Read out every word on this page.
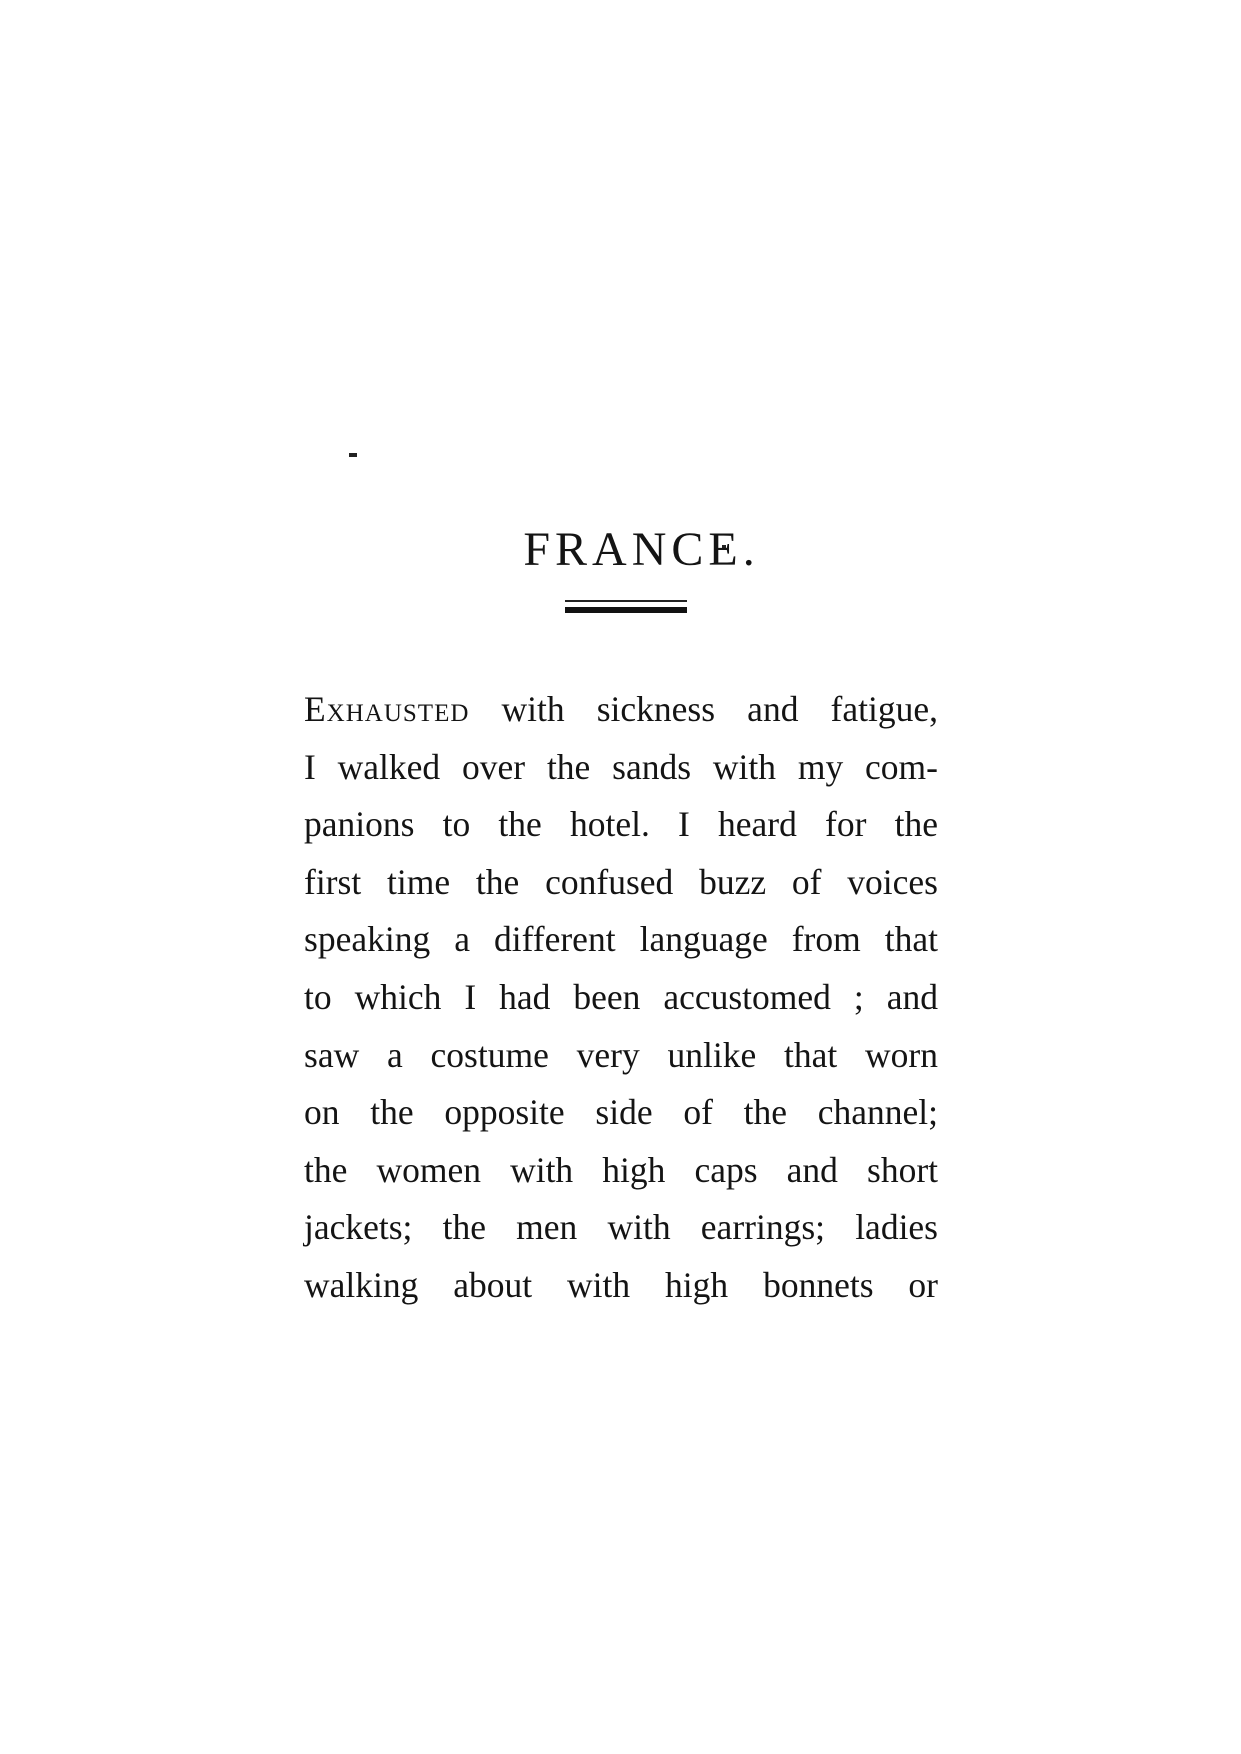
FRANCE.
Exhausted with sickness and fatigue,
I walked over the sands with my com-
panions to the hotel. I heard for the
first time the confused buzz of voices
speaking a different language from that
to which I had been accustomed ; and
saw a costume very unlike that worn
on the opposite side of the channel;
the women with high caps and short
jackets; the men with earrings; ladies
walking about with high bonnets or
